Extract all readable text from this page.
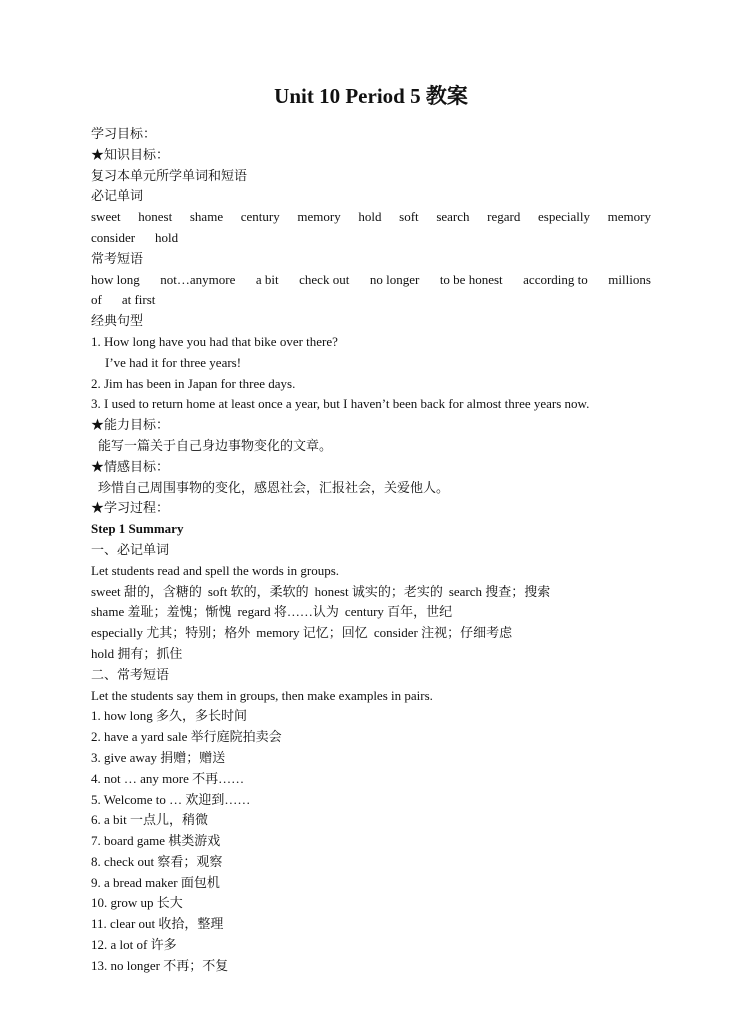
Unit 10 Period 5 教案
学习目标：
★知识目标：
复习本单元所学单词和短语
必记单词
sweet honest shame century memory hold soft search regard especially memory
consider hold
常考短语
how long not…anymore a bit check out no longer to be honest according to millions
of at first
经典句型
1. How long have you had that bike over there?
I’ve had it for three years!
2. Jim has been in Japan for three days.
3. I used to return home at least once a year, but I haven’t been back for almost three years now.
★能力目标：
能写一篇关于自己身边事物变化的文章。
★情感目标：
珍惜自己周围事物的变化，感恩社会，汇报社会，关爱他人。
★学习过程：
Step 1 Summary
一、必记单词
Let students read and spell the words in groups.
sweet 甜的，含糖的 soft 软的，柔软的 honest 诚实的；老实的 search 搜查；搜索
shame 羞耻；羞愧；惭愧 regard 将……认为 century 百年，世纪
especially 尤其；特别；格外 memory 记忆；回忆 consider 注视；仔细考虑
hold 拥有；抓住
二、常考短语
Let the students say them in groups, then make examples in pairs.
1. how long 多久，多长时间
2. have a yard sale 举行庭院拍卖会
3. give away 捐赠；赠送
4. not … any more 不再……
5. Welcome to … 欢迎到……
6. a bit 一点儿，稍微
7. board game 棋类游戏
8. check out 察看；观察
9. a bread maker 面包机
10. grow up 长大
11. clear out 收拾，整理
12. a lot of 许多
13. no longer 不再；不复
